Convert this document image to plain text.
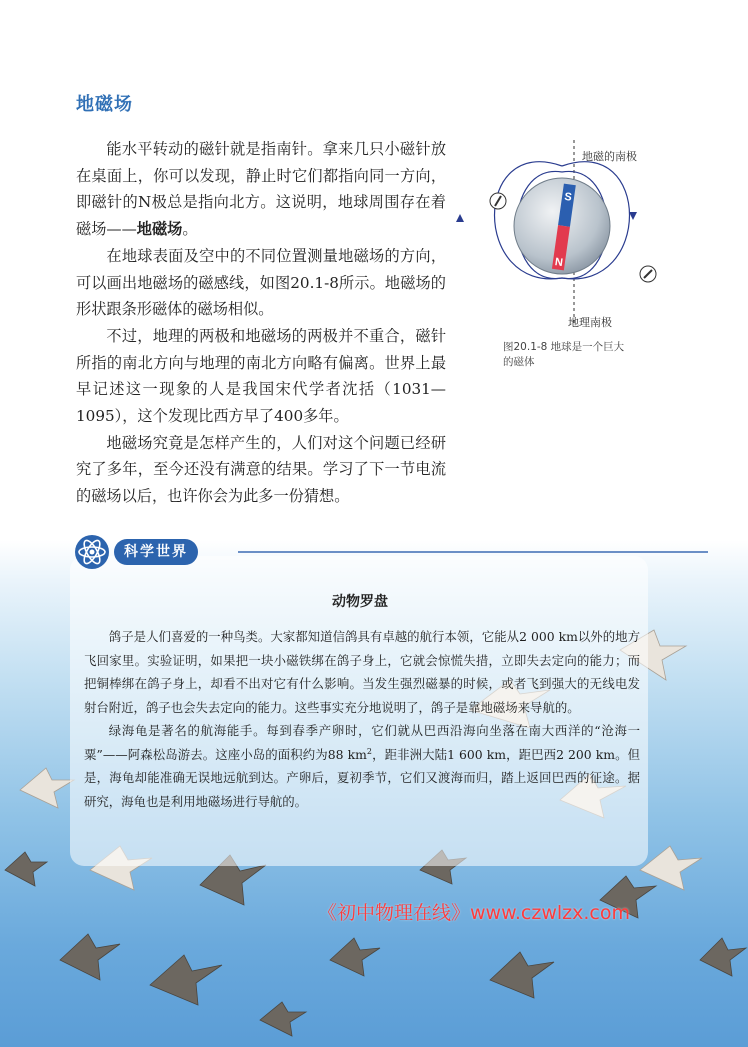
地磁场

能水平转动的磁针就是指南针。拿来几只小磁针放在桌面上，你可以发现，静止时它们都指向同一方向，即磁针的N极总是指向北方。这说明，地球周围存在着磁场——地磁场。

在地球表面及空中的不同位置测量地磁场的方向，可以画出地磁场的磁感线，如图20.1-8所示。地磁场的形状跟条形磁体的磁场相似。

不过，地理的两极和地磁场的两极并不重合，磁针所指的南北方向与地理的南北方向略有偏离。世界上最早记述这一现象的人是我国宋代学者沈括（1031—1095），这个发现比西方早了400多年。

地磁场究竟是怎样产生的，人们对这个问题已经研究了多年，至今还没有满意的结果。学习了下一节电流的磁场以后，也许你会为此多一份猜想。

S
N
地磁的南极
地理南极
图20.1-8 地球是一个巨大的磁体
科学世界
动物罗盘

鸽子是人们喜爱的一种鸟类。大家都知道信鸽具有卓越的航行本领，它能从2 000 km以外的地方飞回家里。实验证明，如果把一块小磁铁绑在鸽子身上，它就会惊慌失措，立即失去定向的能力；而把铜棒绑在鸽子身上，却看不出对它有什么影响。当发生强烈磁暴的时候，或者飞到强大的无线电发射台附近，鸽子也会失去定向的能力。这些事实充分地说明了，鸽子是靠地磁场来导航的。

绿海龟是著名的航海能手。每到春季产卵时，它们就从巴西沿海向坐落在南大西洋的“沧海一粟”——阿森松岛游去。这座小岛的面积约为88 $km^2$，距非洲大陆1 600 km，距巴西2 200 km。但是，海龟却能准确无误地远航到达。产卵后，夏初季节，它们又渡海而归，踏上返回巴西的征途。据研究，海龟也是利用地磁场进行导航的。

《初中物理在线》www.czwlzx.com
